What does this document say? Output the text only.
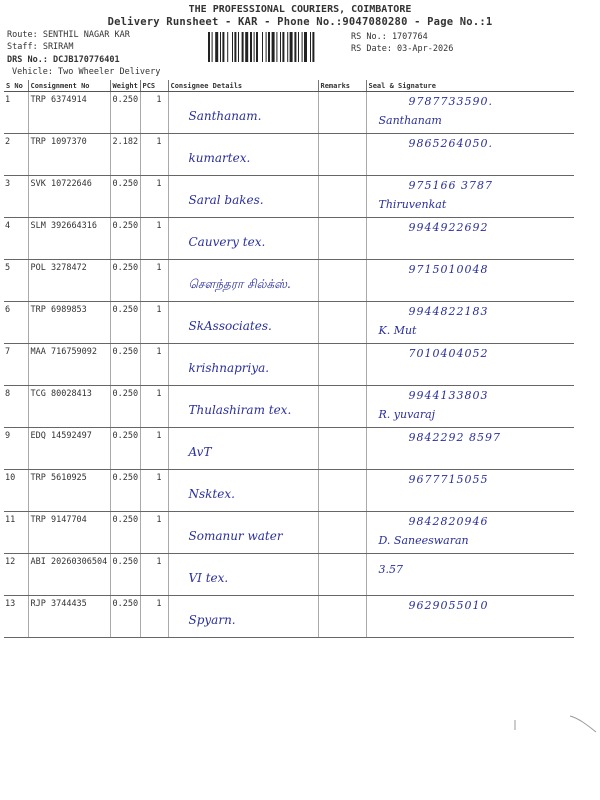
THE PROFESSIONAL COURIERS, COIMBATORE
Delivery Runsheet - KAR - Phone No.:9047080280 - Page No.:1
Route: SENTHIL NAGAR KAR
Staff: SRIRAM
DRS No.: DCJB170776401
Vehicle: Two Wheeler Delivery
RS No.: 1707764
RS Date: 03-Apr-2026
S No	Consignment No	Weight	PCS	Consignee Details	Remarks	Seal & Signature
1	TRP 6374914	0.250	1	Santhanam.		9787733590.
Santhanam

2	TRP 1097370	2.182	1	kumartex.		9865264050.

3	SVK 10722646	0.250	1	Saral bakes.		975166 3787
Thiruvenkat

4	SLM 392664316	0.250	1	Cauvery tex.		9944922692

5	POL 3278472	0.250	1	சௌந்தரா சில்க்ஸ்.		9715010048

6	TRP 6989853	0.250	1	SkAssociates.		9944822183
K. Mut

7	MAA 716759092	0.250	1	krishnapriya.		7010404052

8	TCG 80028413	0.250	1	Thulashiram tex.		9944133803
R. yuvaraj

9	EDQ 14592497	0.250	1	AvT		9842292 8597

10	TRP 5610925	0.250	1	Nsktex.		9677715055

11	TRP 9147704	0.250	1	Somanur water		9842820946
D. Saneeswaran

12	ABI 20260306504	0.250	1	VI tex.		3.57

13	RJP 3744435	0.250	1	Spyarn.		9629055010
